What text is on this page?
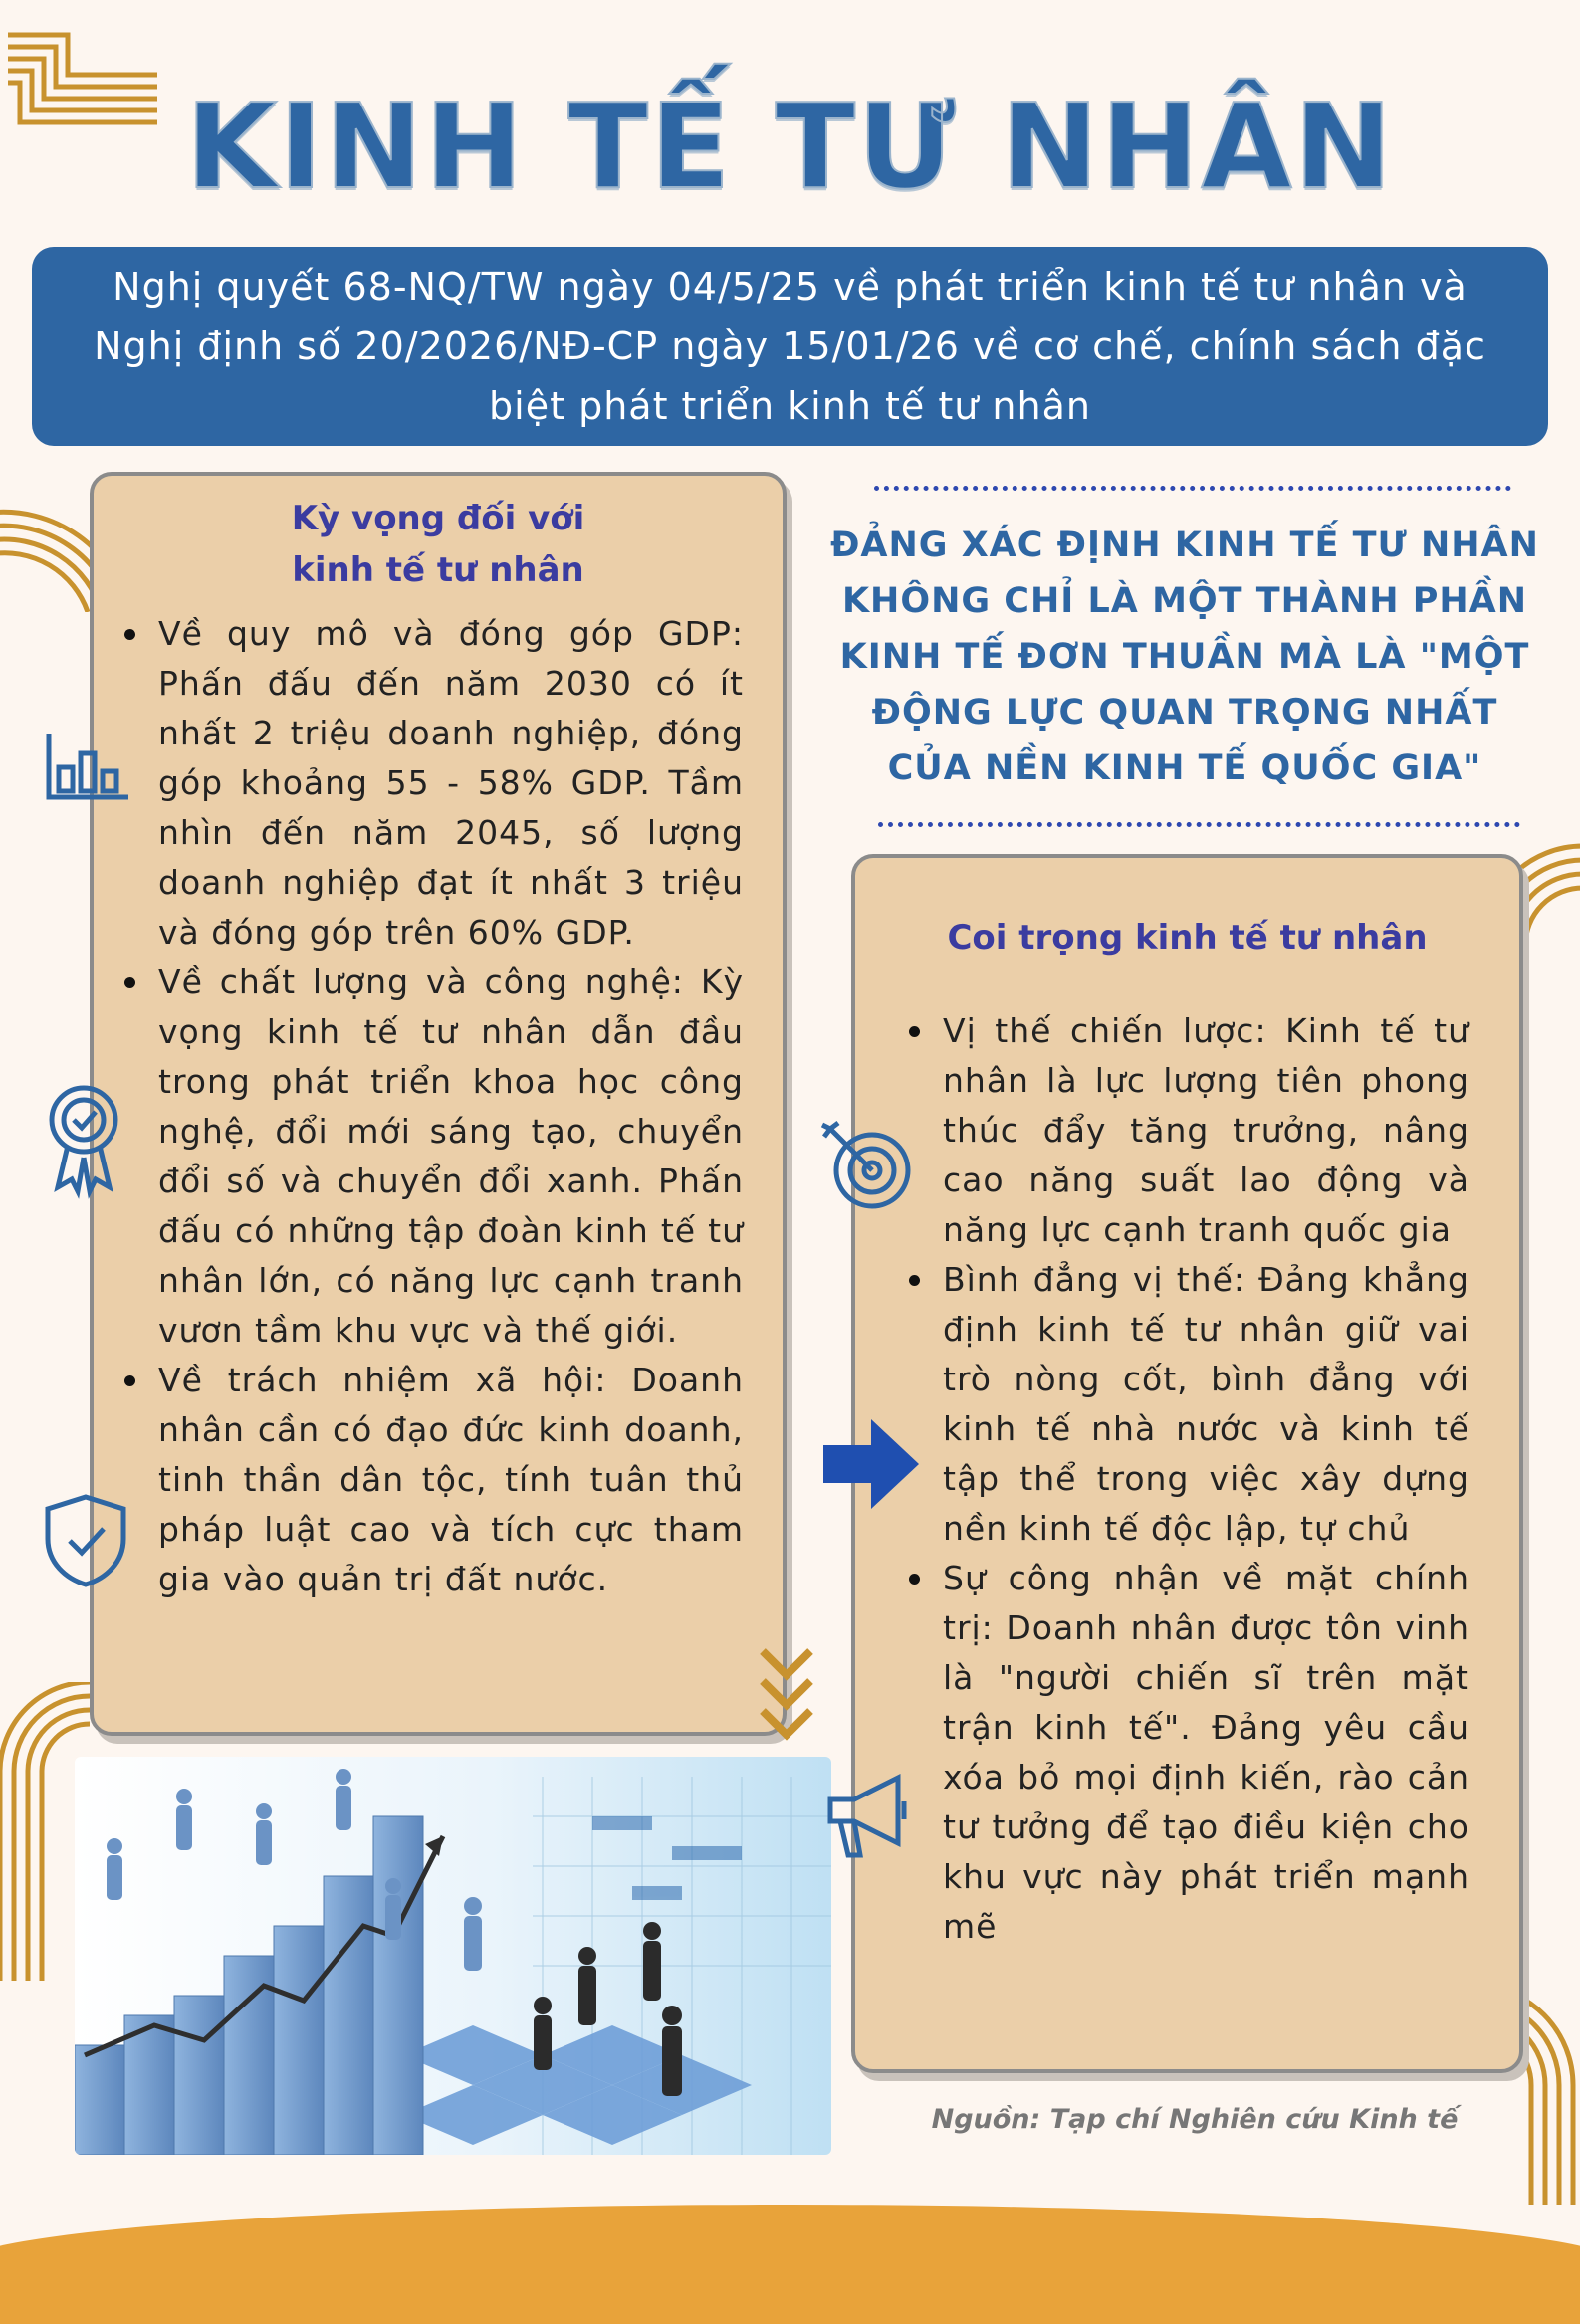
KINH TẾ TƯ NHÂN
Nghị quyết 68-NQ/TW ngày 04/5/25 về phát triển kinh tế tư nhân và Nghị định số 20/2026/NĐ-CP ngày 15/01/26 về cơ chế, chính sách đặc biệt phát triển kinh tế tư nhân
Kỳ vọng đối với
kinh tế tư nhân
Về quy mô và đóng góp GDP: Phấn đấu đến năm 2030 có ít nhất 2 triệu doanh nghiệp, đóng góp khoảng 55 - 58% GDP. Tầm nhìn đến năm 2045, số lượng doanh nghiệp đạt ít nhất 3 triệu và đóng góp trên 60% GDP.
Về chất lượng và công nghệ: Kỳ vọng kinh tế tư nhân dẫn đầu trong phát triển khoa học công nghệ, đổi mới sáng tạo, chuyển đổi số và chuyển đổi xanh. Phấn đấu có những tập đoàn kinh tế tư nhân lớn, có năng lực cạnh tranh vươn tầm khu vực và thế giới.
Về trách nhiệm xã hội: Doanh nhân cần có đạo đức kinh doanh, tinh thần dân tộc, tính tuân thủ pháp luật cao và tích cực tham gia vào quản trị đất nước.
ĐẢNG XÁC ĐỊNH KINH TẾ TƯ NHÂN KHÔNG CHỈ LÀ MỘT THÀNH PHẦN KINH TẾ ĐƠN THUẦN MÀ LÀ "MỘT ĐỘNG LỰC QUAN TRỌNG NHẤT CỦA NỀN KINH TẾ QUỐC GIA"
Coi trọng kinh tế tư nhân
Vị thế chiến lược: Kinh tế tư nhân là lực lượng tiên phong thúc đẩy tăng trưởng, nâng cao năng suất lao động và năng lực cạnh tranh quốc gia
Bình đẳng vị thế: Đảng khẳng định kinh tế tư nhân giữ vai trò nòng cốt, bình đẳng với kinh tế nhà nước và kinh tế tập thể trong việc xây dựng nền kinh tế độc lập, tự chủ
Sự công nhận về mặt chính trị: Doanh nhân được tôn vinh là "người chiến sĩ trên mặt trận kinh tế". Đảng yêu cầu xóa bỏ mọi định kiến, rào cản tư tưởng để tạo điều kiện cho khu vực này phát triển mạnh mẽ
Nguồn: Tạp chí Nghiên cứu Kinh tế
